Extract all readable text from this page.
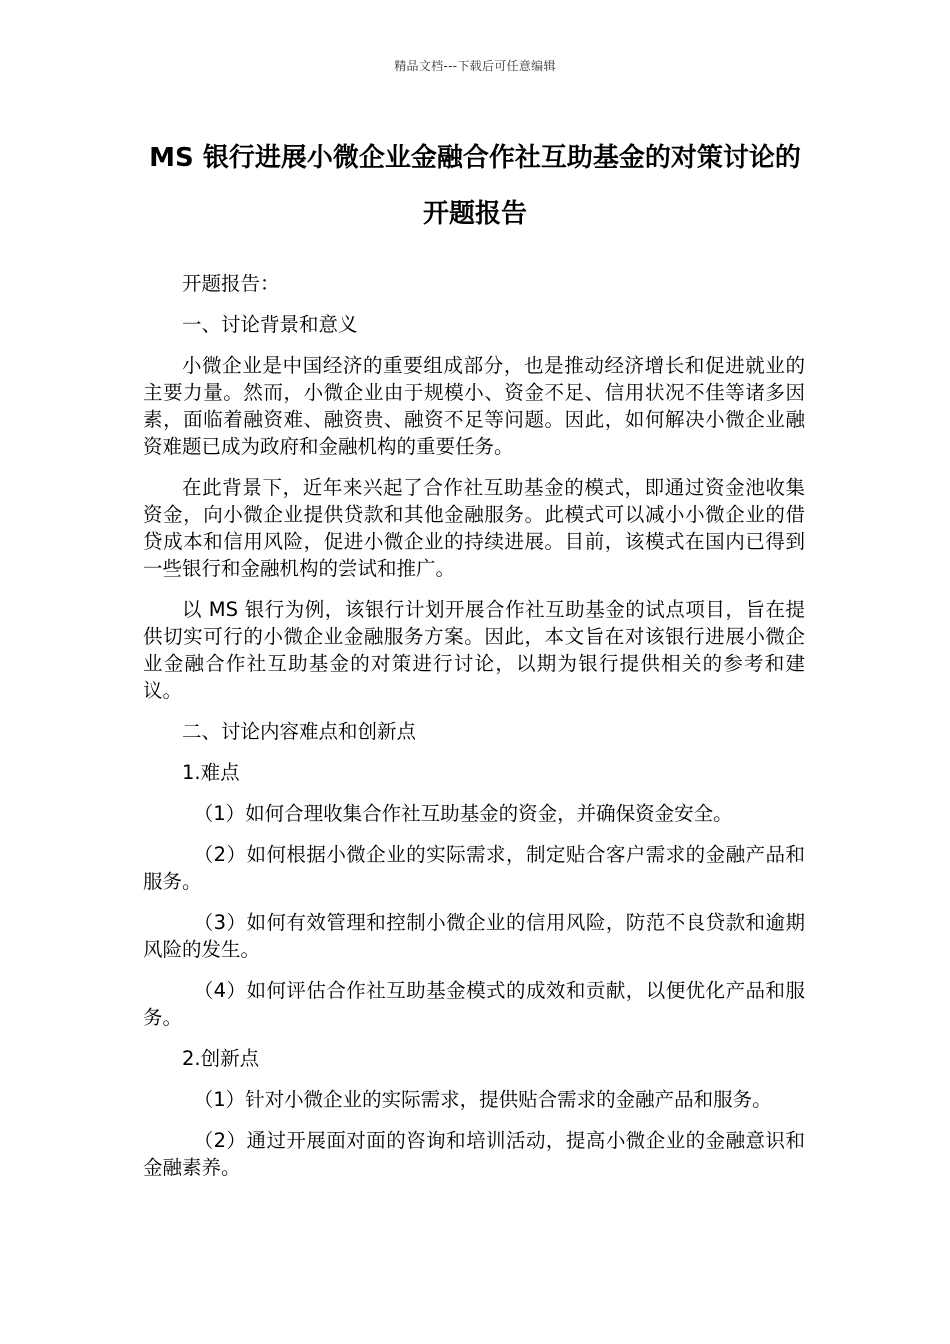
精品文档---下载后可任意编辑
MS 银行进展小微企业金融合作社互助基金的对策讨论的开题报告

开题报告：

一、讨论背景和意义

小微企业是中国经济的重要组成部分，也是推动经济增长和促进就业的主要力量。然而，小微企业由于规模小、资金不足、信用状况不佳等诸多因素，面临着融资难、融资贵、融资不足等问题。因此，如何解决小微企业融资难题已成为政府和金融机构的重要任务。

在此背景下，近年来兴起了合作社互助基金的模式，即通过资金池收集资金，向小微企业提供贷款和其他金融服务。此模式可以减小小微企业的借贷成本和信用风险，促进小微企业的持续进展。目前，该模式在国内已得到一些银行和金融机构的尝试和推广。

以 MS 银行为例，该银行计划开展合作社互助基金的试点项目，旨在提供切实可行的小微企业金融服务方案。因此，本文旨在对该银行进展小微企业金融合作社互助基金的对策进行讨论，以期为银行提供相关的参考和建议。

二、讨论内容难点和创新点

1.难点

（1）如何合理收集合作社互助基金的资金，并确保资金安全。

（2）如何根据小微企业的实际需求，制定贴合客户需求的金融产品和服务。

（3）如何有效管理和控制小微企业的信用风险，防范不良贷款和逾期风险的发生。

（4）如何评估合作社互助基金模式的成效和贡献，以便优化产品和服务。

2.创新点

（1）针对小微企业的实际需求，提供贴合需求的金融产品和服务。

（2）通过开展面对面的咨询和培训活动，提高小微企业的金融意识和金融素养。
